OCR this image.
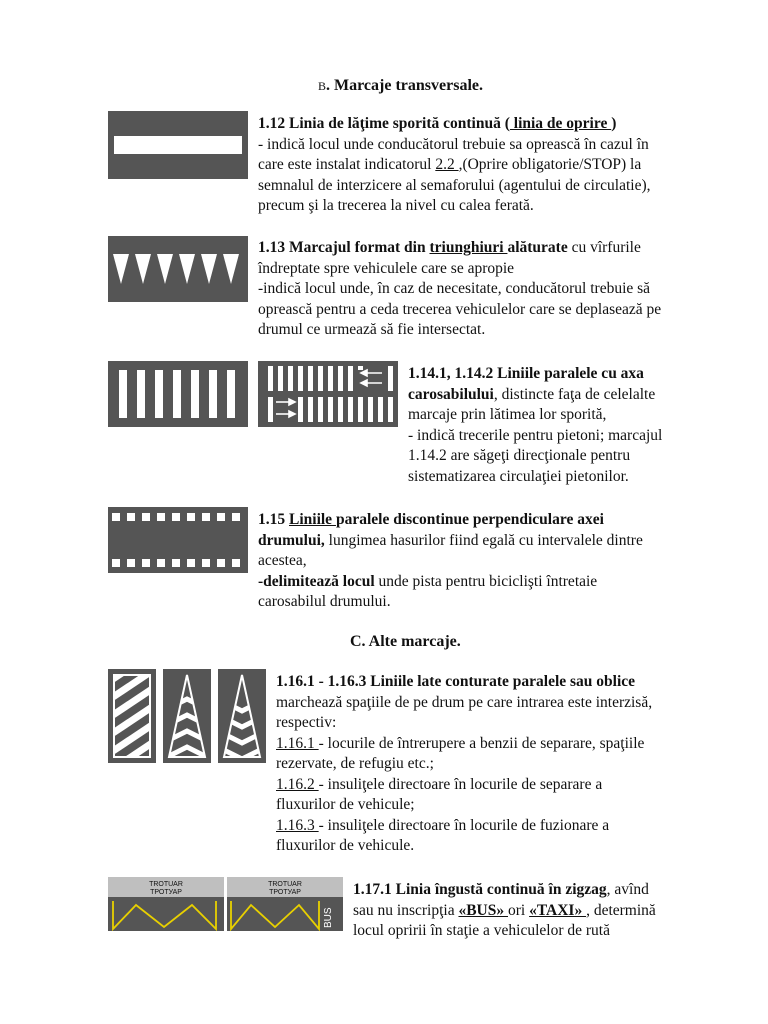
B. Marcaje transversale.
1.12 Linia de lăţime sporită continuă ( linia de oprire )
- indică locul unde conducătorul trebuie sa oprească în cazul în
care este instalat indicatorul 2.2 ,(Oprire obligatorie/STOP) la
semnalul de interzicere al semaforului (agentului de circulatie),
precum şi la trecerea la nivel cu calea ferată.
1.13 Marcajul format din triunghiuri alăturate cu vîrfurile
îndreptate spre vehiculele care se apropie
-indică locul unde, în caz de necesitate, conducătorul trebuie să
oprească pentru a ceda trecerea vehiculelor care se deplasează pe
drumul ce urmează să fie intersectat.
1.14.1, 1.14.2 Liniile paralele cu axa
carosabilului, distincte faţa de celelalte
marcaje prin lătimea lor sporită,
- indică trecerile pentru pietoni; marcajul
1.14.2 are săgeţi direcţionale pentru
sistematizarea circulaţiei pietonilor.
1.15 Liniile paralele discontinue perpendiculare axei
drumului, lungimea hasurilor fiind egală cu intervalele dintre
acestea,
-delimitează locul unde pista pentru biciclişti întretaie
carosabilul drumului.
C. Alte marcaje.
1.16.1 - 1.16.3 Liniile late conturate paralele sau oblice
marchează spaţiile de pe drum pe care intrarea este interzisă,
respectiv:
1.16.1 - locurile de întrerupere a benzii de separare, spaţiile
rezervate, de refugiu etc.;
1.16.2 - insuliţele directoare în locurile de separare a
fluxurilor de vehicule;
1.16.3 - insuliţele directoare în locurile de fuzionare a
fluxurilor de vehicule.
TROTUAR
ТРОТУАР
TROTUAR
ТРОТУАР
BUS
1.17.1 Linia îngustă continuă în zigzag, avînd
sau nu inscripţia «BUS» ori «TAXI» , determină
locul opririi în staţie a vehiculelor de rută
